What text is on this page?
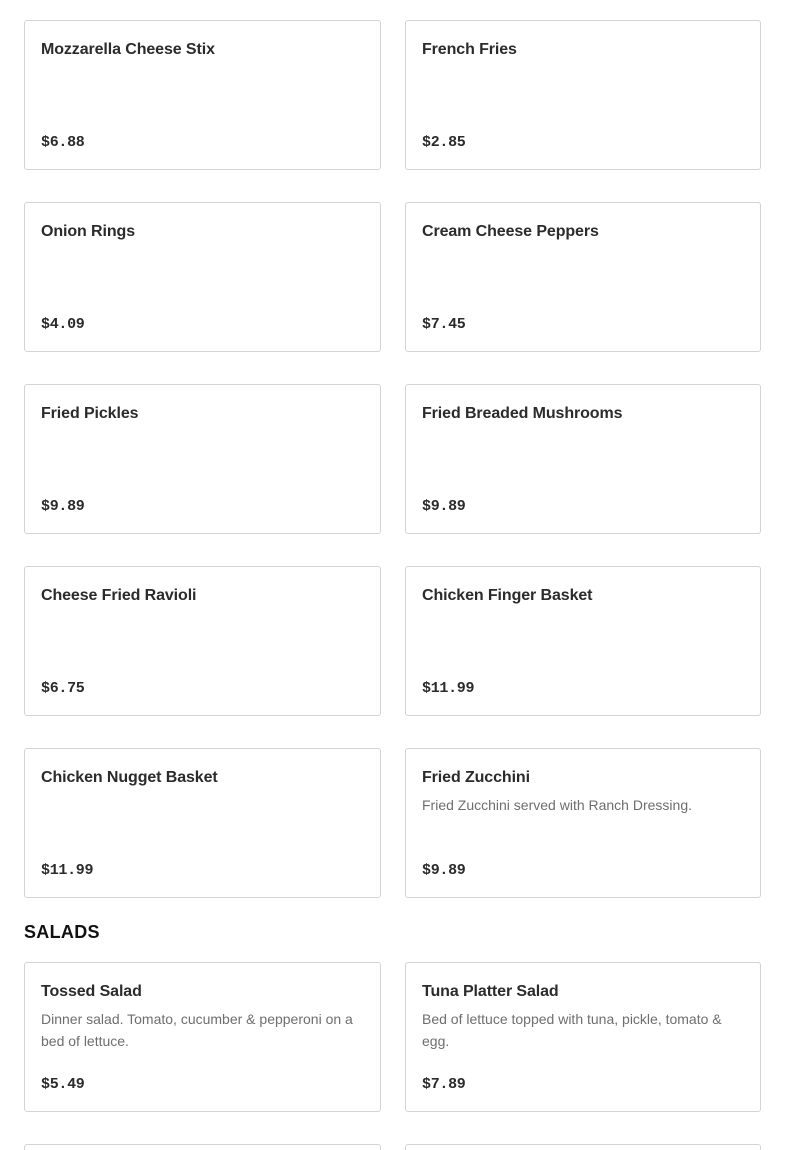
Mozzarella Cheese Stix
$6.88
French Fries
$2.85
Onion Rings
$4.09
Cream Cheese Peppers
$7.45
Fried Pickles
$9.89
Fried Breaded Mushrooms
$9.89
Cheese Fried Ravioli
$6.75
Chicken Finger Basket
$11.99
Chicken Nugget Basket
$11.99
Fried Zucchini
Fried Zucchini served with Ranch Dressing.
$9.89
SALADS
Tossed Salad
Dinner salad. Tomato, cucumber & pepperoni on a bed of lettuce.
$5.49
Tuna Platter Salad
Bed of lettuce topped with tuna, pickle, tomato & egg.
$7.89
